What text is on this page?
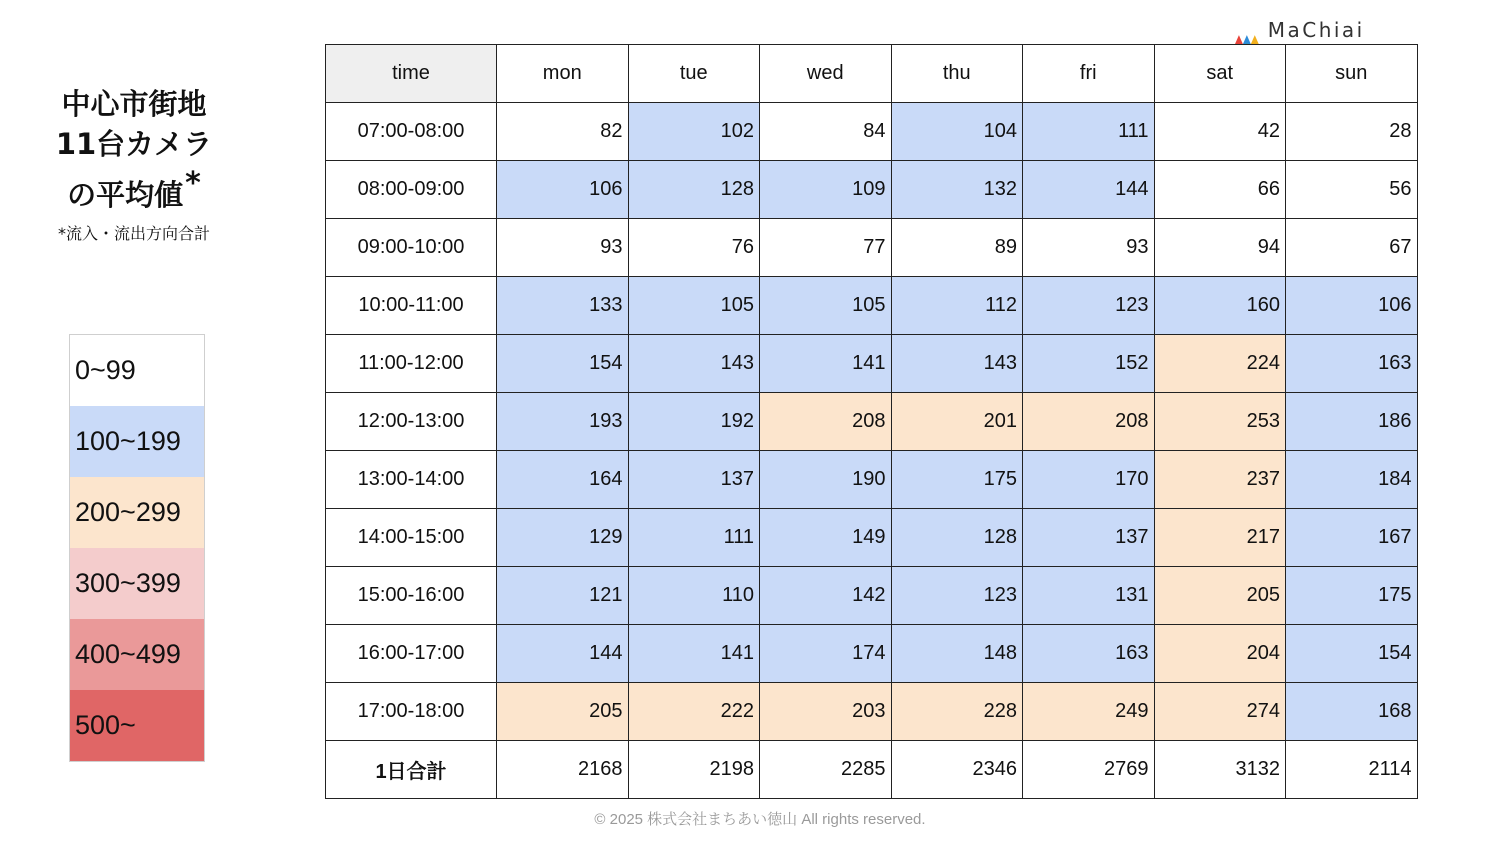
MaChiai
中心市街地
11台カメラ
の平均値*
*流入・流出方向合計
0~99
100~199
200~299
300~399
400~499
500~
time	mon	tue	wed	thu	fri	sat	sun
07:00-08:00	82	102	84	104	111	42	28
08:00-09:00	106	128	109	132	144	66	56
09:00-10:00	93	76	77	89	93	94	67
10:00-11:00	133	105	105	112	123	160	106
11:00-12:00	154	143	141	143	152	224	163
12:00-13:00	193	192	208	201	208	253	186
13:00-14:00	164	137	190	175	170	237	184
14:00-15:00	129	111	149	128	137	217	167
15:00-16:00	121	110	142	123	131	205	175
16:00-17:00	144	141	174	148	163	204	154
17:00-18:00	205	222	203	228	249	274	168
1日合計	2168	2198	2285	2346	2769	3132	2114
© 2025 株式会社まちあい徳山 All rights reserved.
